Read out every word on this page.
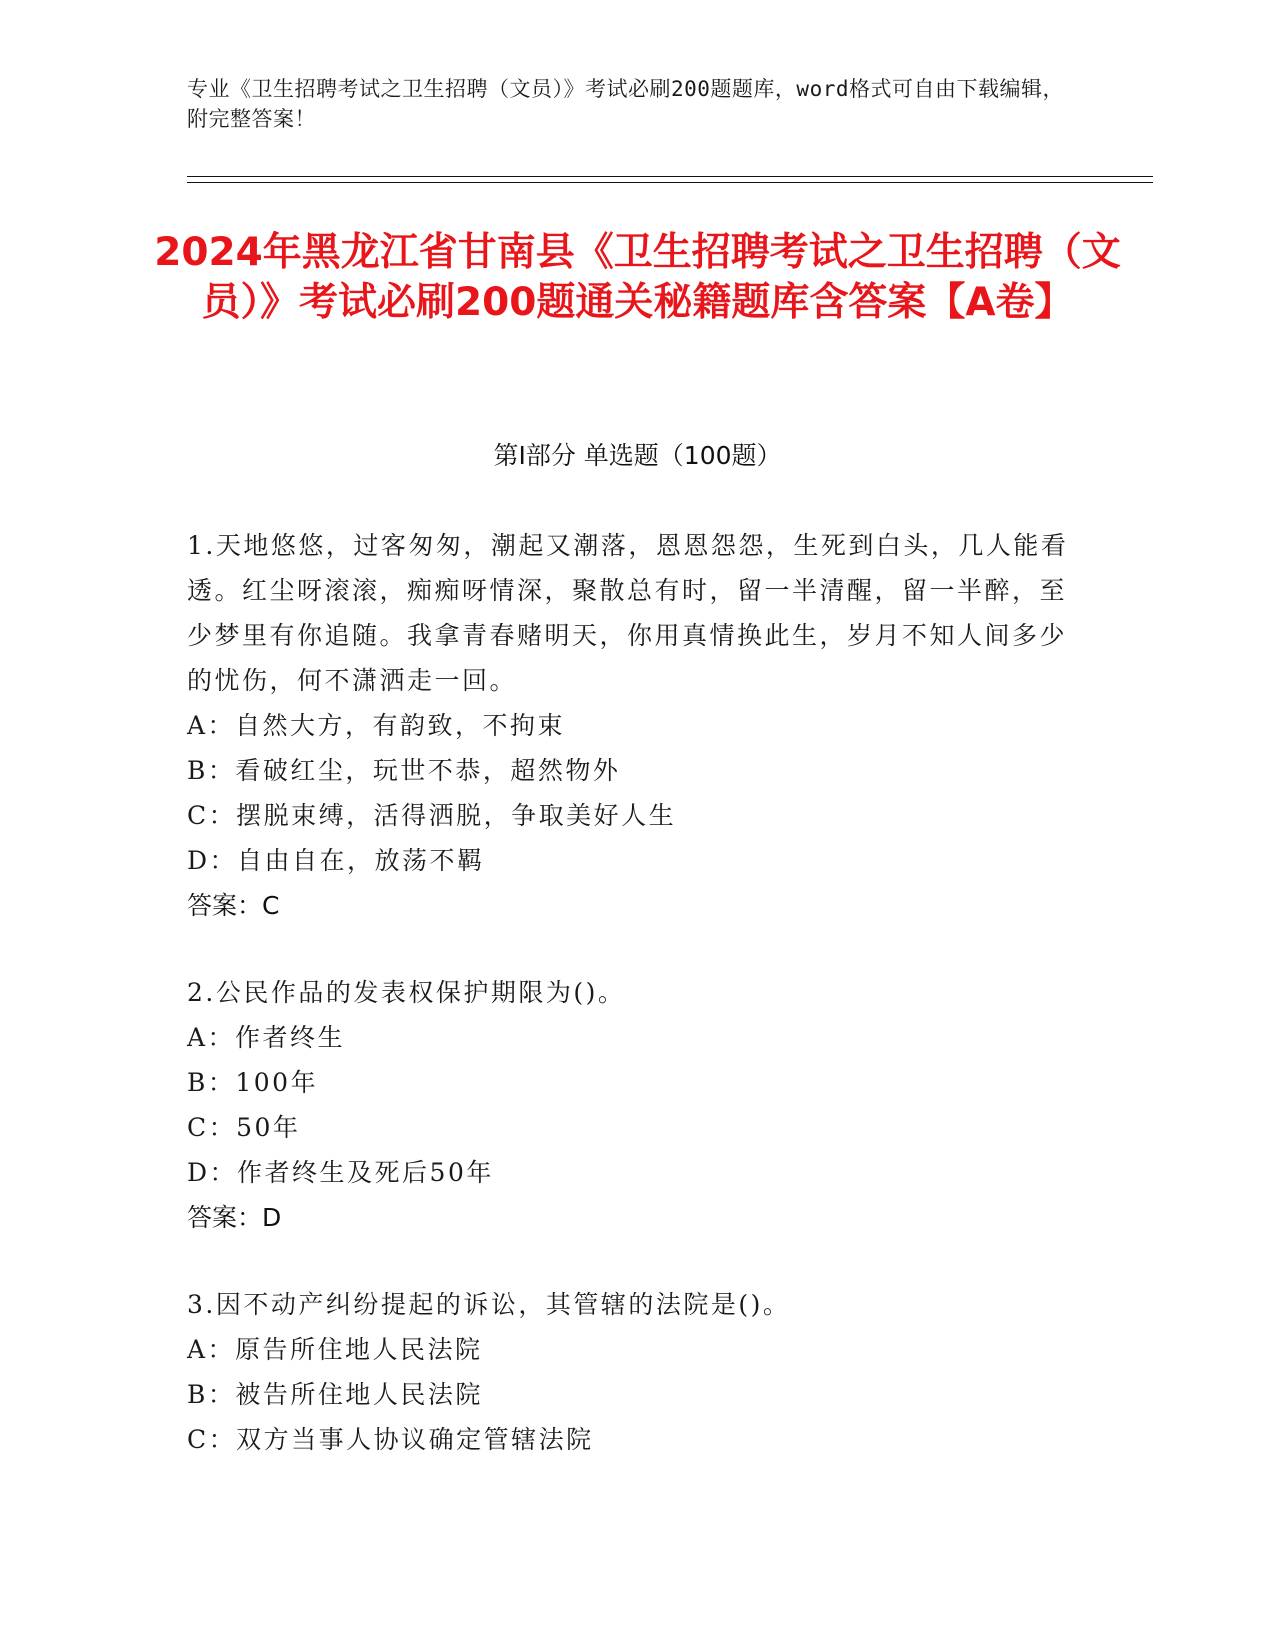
专业《卫生招聘考试之卫生招聘（文员）》考试必刷200题题库，word格式可自由下载编辑，附完整答案！
2024年黑龙江省甘南县《卫生招聘考试之卫生招聘（文员）》考试必刷200题通关秘籍题库含答案【A卷】
第I部分 单选题（100题）
1.天地悠悠，过客匆匆，潮起又潮落，恩恩怨怨，生死到白头，几人能看透。红尘呀滚滚，痴痴呀情深，聚散总有时，留一半清醒，留一半醉，至少梦里有你追随。我拿青春赌明天，你用真情换此生，岁月不知人间多少的忧伤，何不潇洒走一回。
A：自然大方，有韵致，不拘束
B：看破红尘，玩世不恭，超然物外
C：摆脱束缚，活得洒脱，争取美好人生
D：自由自在，放荡不羁
答案：C
2.公民作品的发表权保护期限为()。
A：作者终生
B：100年
C：50年
D：作者终生及死后50年
答案：D
3.因不动产纠纷提起的诉讼，其管辖的法院是()。
A：原告所住地人民法院
B：被告所住地人民法院
C：双方当事人协议确定管辖法院
